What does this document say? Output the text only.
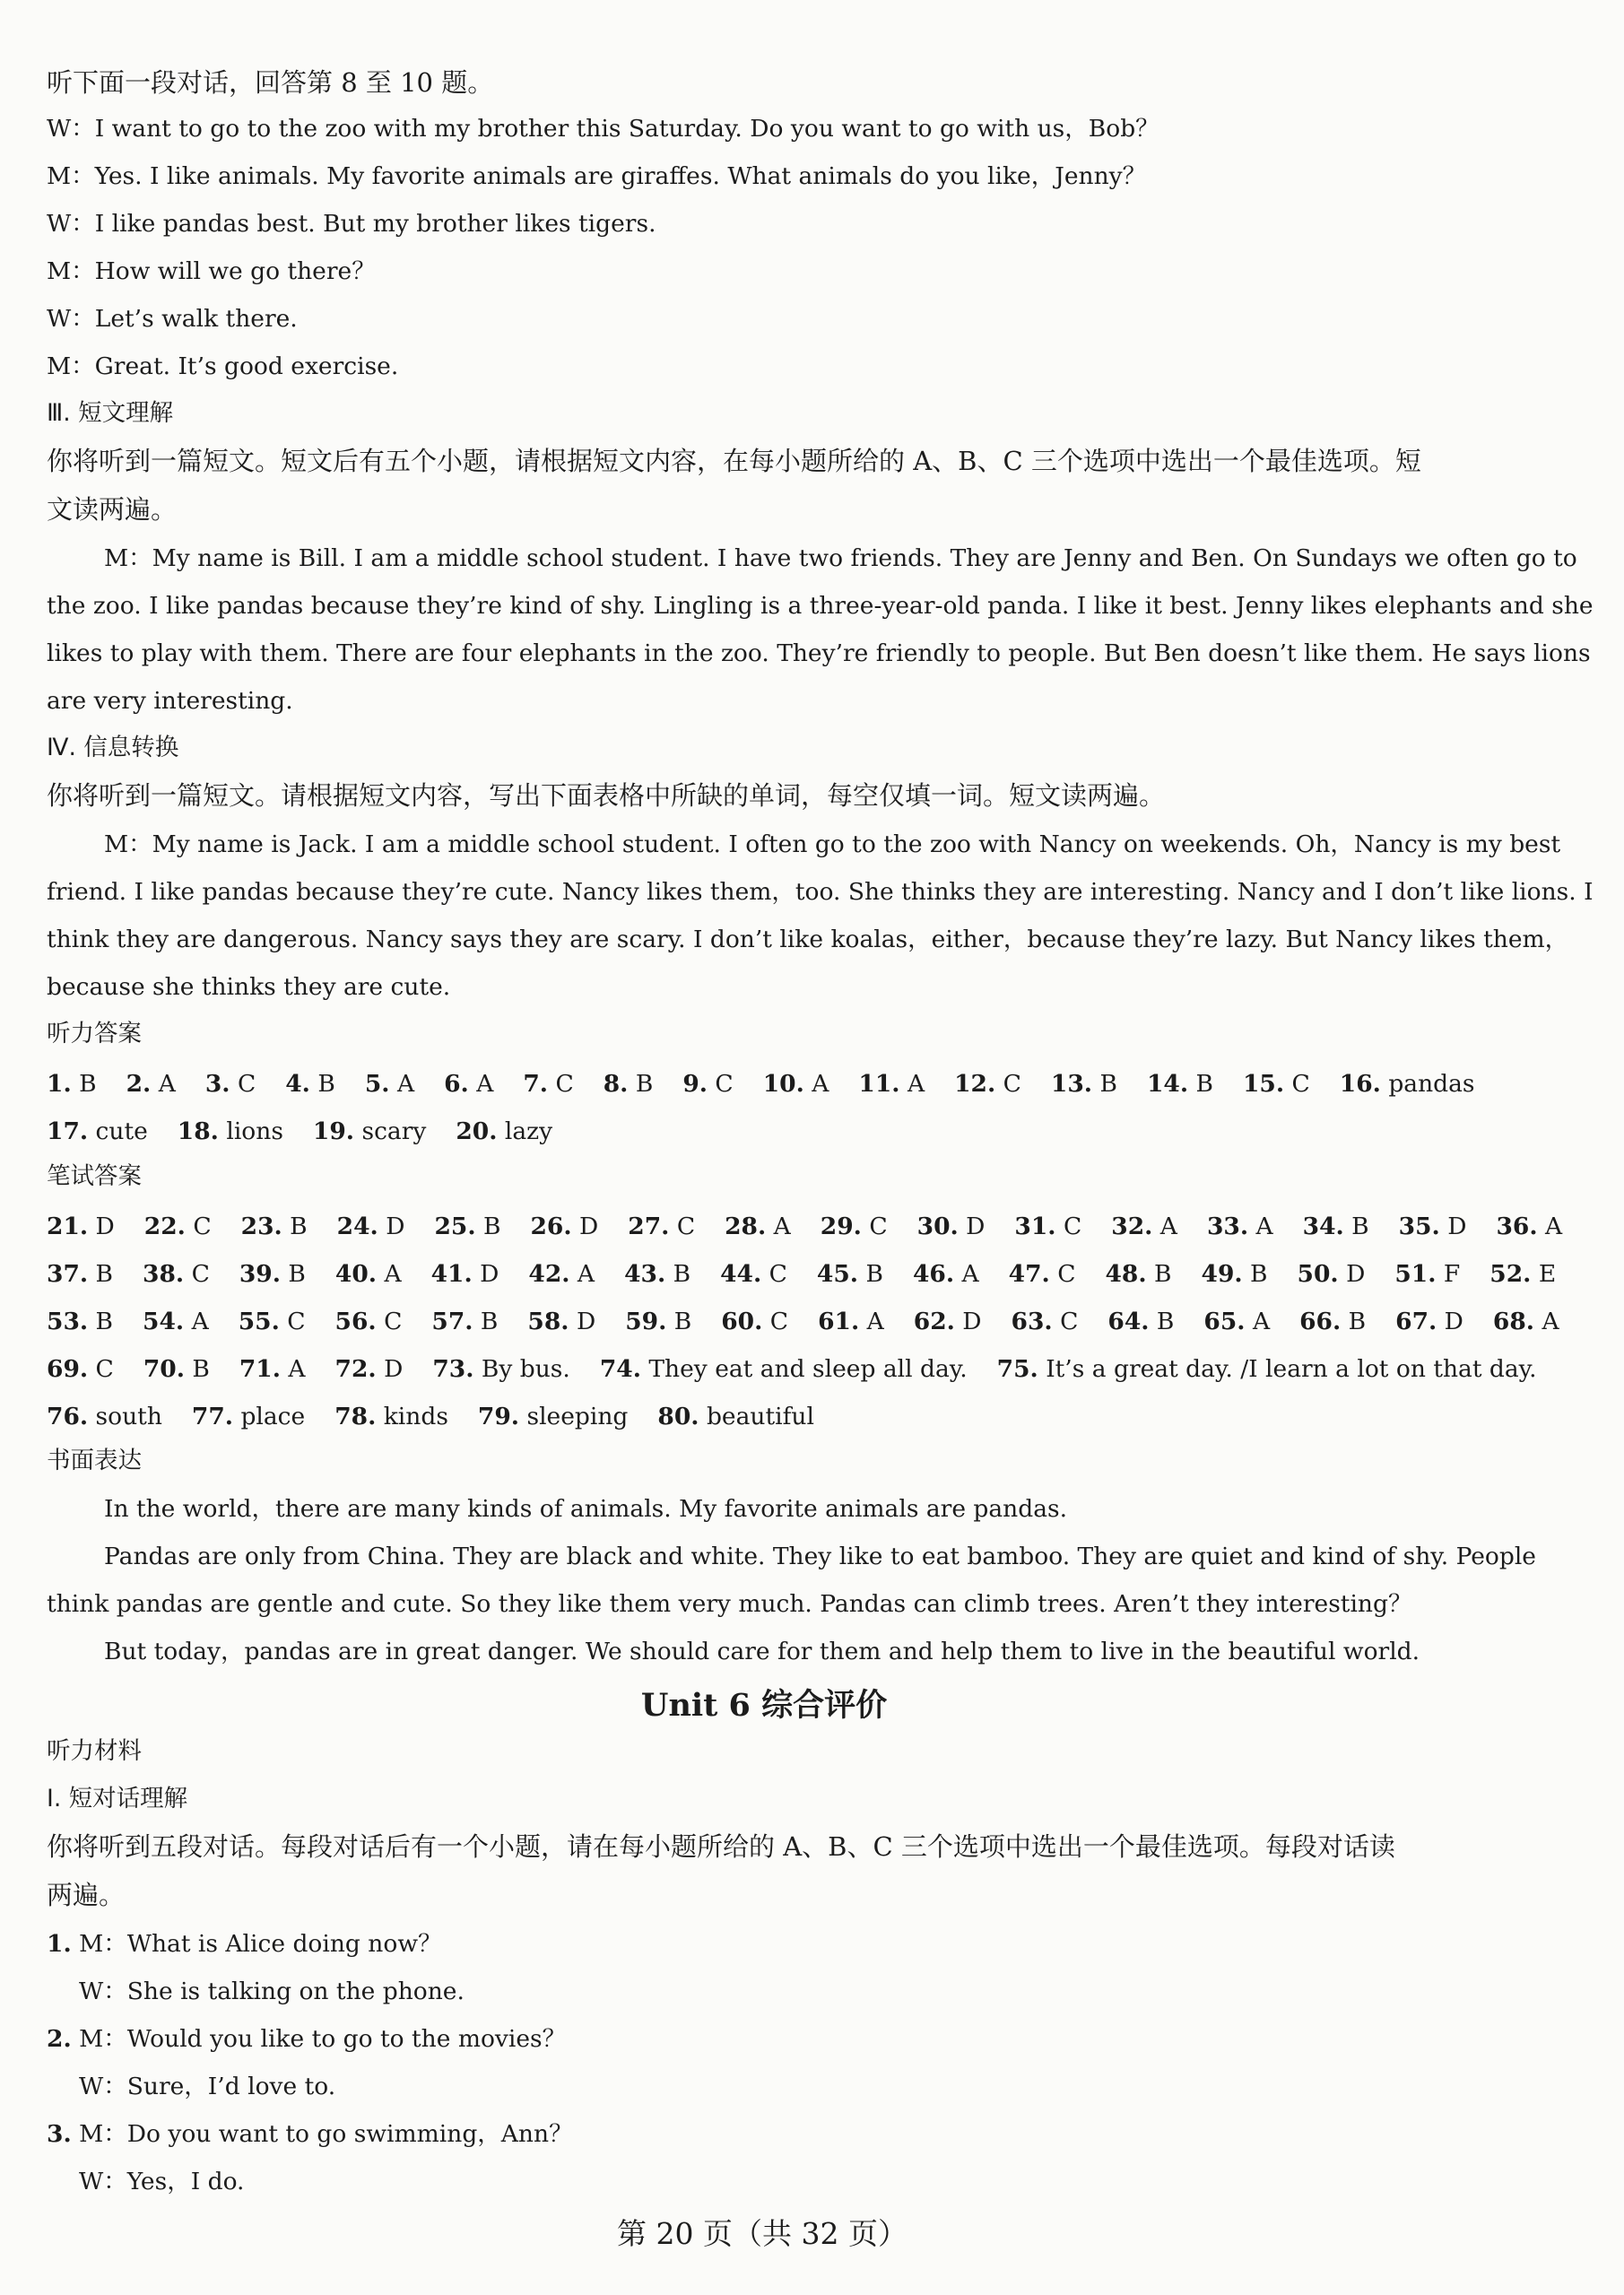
听下面一段对话，回答第 8 至 10 题。
W：I want to go to the zoo with my brother this Saturday. Do you want to go with us，Bob？
M：Yes. I like animals. My favorite animals are giraffes. What animals do you like，Jenny？
W：I like pandas best. But my brother likes tigers.
M：How will we go there？
W：Let’s walk there.
M：Great. It’s good exercise.
Ⅲ. 短文理解
你将听到一篇短文。短文后有五个小题，请根据短文内容，在每小题所给的 A、B、C 三个选项中选出一个最佳选项。短
文读两遍。
M：My name is Bill. I am a middle school student. I have two friends. They are Jenny and Ben. On Sundays we often go to
the zoo. I like pandas because they’re kind of shy. Lingling is a three-year-old panda. I like it best. Jenny likes elephants and she
likes to play with them. There are four elephants in the zoo. They’re friendly to people. But Ben doesn’t like them. He says lions
are very interesting.
Ⅳ. 信息转换
你将听到一篇短文。请根据短文内容，写出下面表格中所缺的单词，每空仅填一词。短文读两遍。
M：My name is Jack. I am a middle school student. I often go to the zoo with Nancy on weekends. Oh，Nancy is my best
friend. I like pandas because they’re cute. Nancy likes them，too. She thinks they are interesting. Nancy and I don’t like lions. I
think they are dangerous. Nancy says they are scary. I don’t like koalas，either，because they’re lazy. But Nancy likes them，
because she thinks they are cute.
听力答案
1. B 2. A 3. C 4. B 5. A 6. A 7. C 8. B 9. C 10. A 11. A 12. C 13. B 14. B 15. C 16. pandas
17. cute 18. lions 19. scary 20. lazy
笔试答案
21. D 22. C 23. B 24. D 25. B 26. D 27. C 28. A 29. C 30. D 31. C 32. A 33. A 34. B 35. D 36. A
37. B 38. C 39. B 40. A 41. D 42. A 43. B 44. C 45. B 46. A 47. C 48. B 49. B 50. D 51. F 52. E
53. B 54. A 55. C 56. C 57. B 58. D 59. B 60. C 61. A 62. D 63. C 64. B 65. A 66. B 67. D 68. A
69. C 70. B 71. A 72. D 73. By bus. 74. They eat and sleep all day. 75. It’s a great day. /I learn a lot on that day.
76. south 77. place 78. kinds 79. sleeping 80. beautiful
书面表达
In the world，there are many kinds of animals. My favorite animals are pandas.
Pandas are only from China. They are black and white. They like to eat bamboo. They are quiet and kind of shy. People
think pandas are gentle and cute. So they like them very much. Pandas can climb trees. Aren’t they interesting？
But today，pandas are in great danger. We should care for them and help them to live in the beautiful world.
Unit 6 综合评价
听力材料
Ⅰ. 短对话理解
你将听到五段对话。每段对话后有一个小题，请在每小题所给的 A、B、C 三个选项中选出一个最佳选项。每段对话读
两遍。
1. M：What is Alice doing now？
W：She is talking on the phone.
2. M：Would you like to go to the movies？
W：Sure，I’d love to.
3. M：Do you want to go swimming，Ann？
W：Yes，I do.
第 20 页（共 32 页）
